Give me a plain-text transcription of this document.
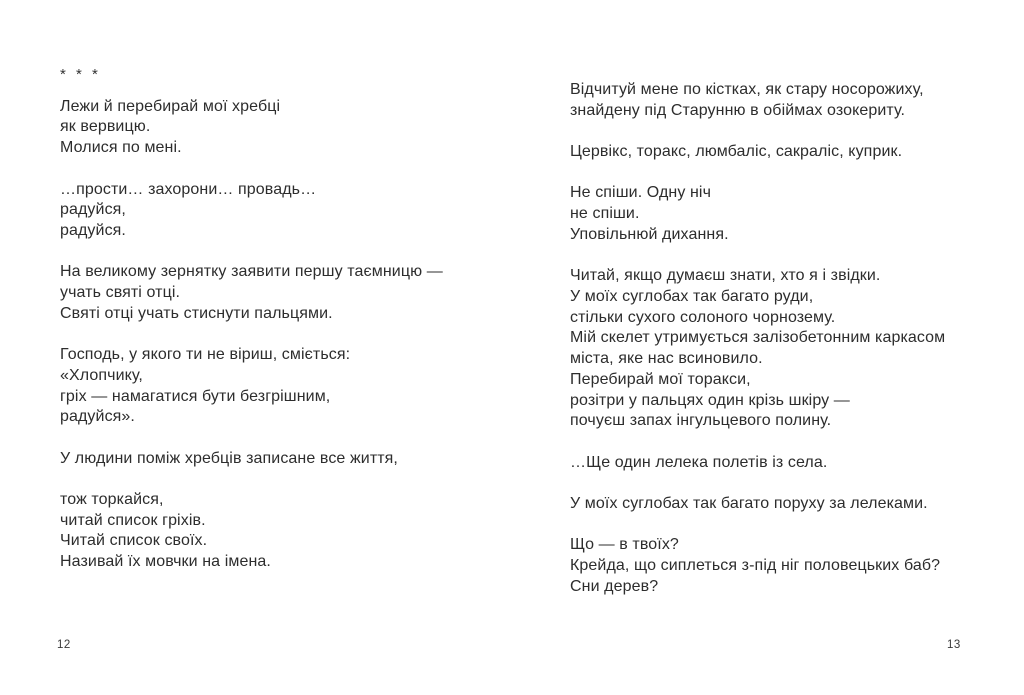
* * *

Лежи й перебирай мої хребці
як вервицю.
Молися по мені.

…прости… захорони… провадь…
радуйся,
радуйся.

На великому зернятку заявити першу таємницю —
учать святі отці.
Святі отці учать стиснути пальцями.

Господь, у якого ти не віриш, сміється:
«Хлопчику,
гріх — намагатися бути безгрішним,
радуйся».

У людини поміж хребців записане все життя,

тож торкайся,
читай список гріхів.
Читай список своїх.
Називай їх мовчки на імена.

Відчитуй мене по кістках, як стару носорожиху,
знайдену під Старунню в обіймах озокериту.

Цервікс, торакс, люмбаліс, сакраліс, куприк.

Не спіши. Одну ніч
не спіши.
Уповільнюй дихання.

Читай, якщо думаєш знати, хто я і звідки.
У моїх суглобах так багато руди,
стільки сухого солоного чорнозему.
Мій скелет утримується залізобетонним каркасом
міста, яке нас всиновило.
Перебирай мої торакси,
розітри у пальцях один крізь шкіру —
почуєш запах інгульцевого полину.

…Ще один лелека полетів із села.

У моїх суглобах так багато поруху за лелеками.

Що — в твоїх?
Крейда, що сиплеться з-під ніг половецьких баб?
Сни дерев?

12	13
